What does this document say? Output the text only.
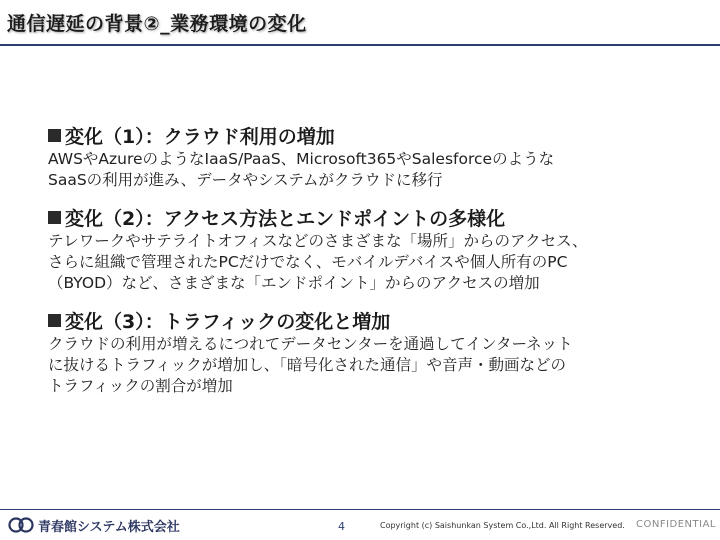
通信遅延の背景②_業務環境の変化
変化（1）：クラウド利用の増加
AWSやAzureのようなIaaS/PaaS、Microsoft365やSalesforceのような
SaaSの利用が進み、データやシステムがクラウドに移行
変化（2）：アクセス方法とエンドポイントの多様化
テレワークやサテライトオフィスなどのさまざまな「場所」からのアクセス、
さらに組織で管理されたPCだけでなく、モバイルデバイスや個人所有のPC
（BYOD）など、さまざまな「エンドポイント」からのアクセスの増加
変化（3）：トラフィックの変化と増加
クラウドの利用が増えるにつれてデータセンターを通過してインターネット
に抜けるトラフィックが増加し、「暗号化された通信」や音声・動画などの
トラフィックの割合が増加
青春館システム株式会社	4	Copyright (c) Saishunkan System Co.,Ltd. All Right Reserved. CONFIDENTIAL
